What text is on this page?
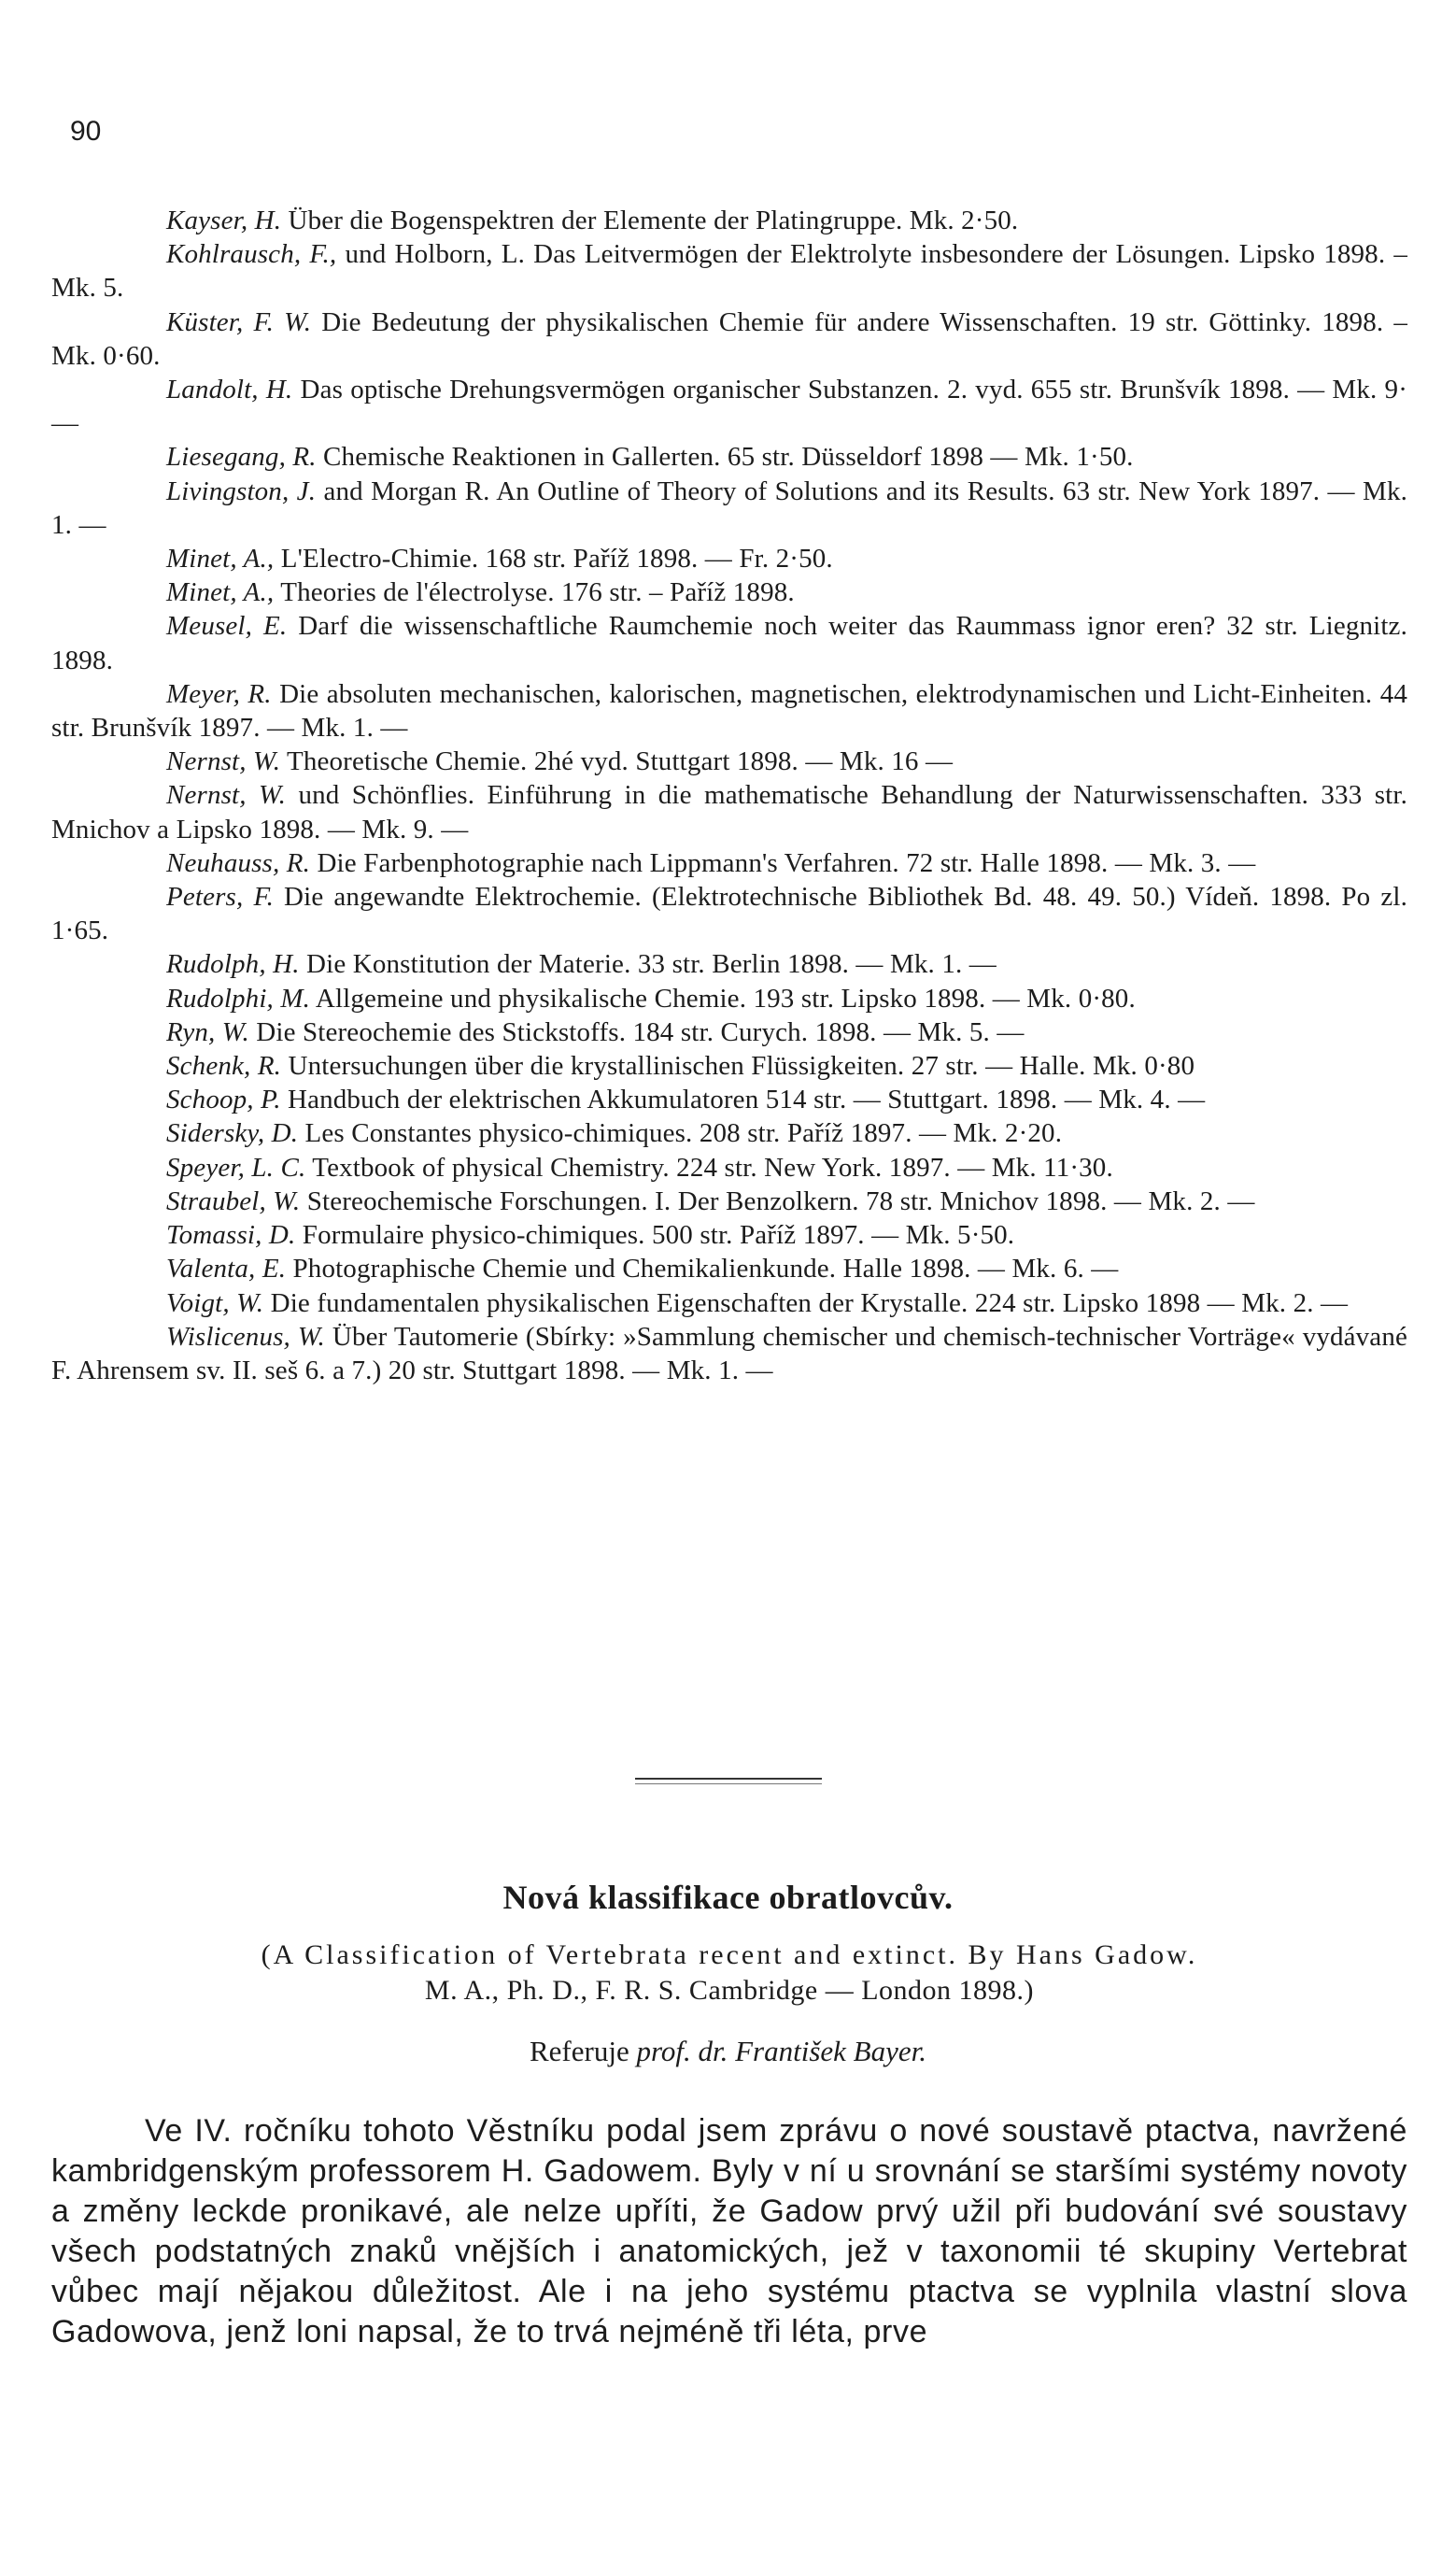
90

Kayser, H. Über die Bogenspektren der Elemente der Platingruppe. Mk. 2·50.

Kohlrausch, F., und Holborn, L. Das Leitvermögen der Elektrolyte insbesondere der Lösungen. Lipsko 1898. – Mk. 5.

Küster, F. W. Die Bedeutung der physikalischen Chemie für andere Wissenschaften. 19 str. Göttinky. 1898. – Mk. 0·60.

Landolt, H. Das optische Drehungsvermögen organischer Substanzen. 2. vyd. 655 str. Brunšvík 1898. — Mk. 9·—

Liesegang, R. Chemische Reaktionen in Gallerten. 65 str. Düsseldorf 1898 — Mk. 1·50.

Livingston, J. and Morgan R. An Outline of Theory of Solutions and its Results. 63 str. New York 1897. — Mk. 1. —

Minet, A., L'Electro-Chimie. 168 str. Paříž 1898. — Fr. 2·50.

Minet, A., Theories de l'électrolyse. 176 str. – Paříž 1898.

Meusel, E. Darf die wissenschaftliche Raumchemie noch weiter das Raummass ignor eren? 32 str. Liegnitz. 1898.

Meyer, R. Die absoluten mechanischen, kalorischen, magnetischen, elektrodynamischen und Licht-Einheiten. 44 str. Brunšvík 1897. — Mk. 1. —

Nernst, W. Theoretische Chemie. 2hé vyd. Stuttgart 1898. — Mk. 16 —

Nernst, W. und Schönflies. Einführung in die mathematische Behandlung der Naturwissenschaften. 333 str. Mnichov a Lipsko 1898. — Mk. 9. —

Neuhauss, R. Die Farbenphotographie nach Lippmann's Verfahren. 72 str. Halle 1898. — Mk. 3. —

Peters, F. Die angewandte Elektrochemie. (Elektrotechnische Bibliothek Bd. 48. 49. 50.) Vídeň. 1898. Po zl. 1·65.

Rudolph, H. Die Konstitution der Materie. 33 str. Berlin 1898. — Mk. 1. —

Rudolphi, M. Allgemeine und physikalische Chemie. 193 str. Lipsko 1898. — Mk. 0·80.

Ryn, W. Die Stereochemie des Stickstoffs. 184 str. Curych. 1898. — Mk. 5. —

Schenk, R. Untersuchungen über die krystallinischen Flüssigkeiten. 27 str. — Halle. Mk. 0·80

Schoop, P. Handbuch der elektrischen Akkumulatoren 514 str. — Stuttgart. 1898. — Mk. 4. —

Sidersky, D. Les Constantes physico-chimiques. 208 str. Paříž 1897. — Mk. 2·20.

Speyer, L. C. Textbook of physical Chemistry. 224 str. New York. 1897. — Mk. 11·30.

Straubel, W. Stereochemische Forschungen. I. Der Benzolkern. 78 str. Mnichov 1898. — Mk. 2. —

Tomassi, D. Formulaire physico-chimiques. 500 str. Paříž 1897. — Mk. 5·50.

Valenta, E. Photographische Chemie und Chemikalienkunde. Halle 1898. — Mk. 6. —

Voigt, W. Die fundamentalen physikalischen Eigenschaften der Krystalle. 224 str. Lipsko 1898 — Mk. 2. —

Wislicenus, W. Über Tautomerie (Sbírky: »Sammlung chemischer und chemisch-technischer Vorträge« vydávané F. Ahrensem sv. II. seš 6. a 7.) 20 str. Stuttgart 1898. — Mk. 1. —

Nová klassifikace obratlovcův.
(A Classification of Vertebrata recent and extinct. By Hans Gadow.
M. A., Ph. D., F. R. S. Cambridge — London 1898.)
Referuje prof. dr. František Bayer.

Ve IV. ročníku tohoto Věstníku podal jsem zprávu o nové soustavě ptactva, navržené kambridgenským professorem H. Gadowem. Byly v ní u srovnání se staršími systémy novoty a změny leckde pronikavé, ale nelze upříti, že Gadow prvý užil při budování své soustavy všech podstatných znaků vnějších i anatomických, jež v taxonomii té skupiny Vertebrat vůbec mají nějakou důležitost. Ale i na jeho systému ptactva se vyplnila vlastní slova Gadowova, jenž loni napsal, že to trvá nejméně tři léta, prve
